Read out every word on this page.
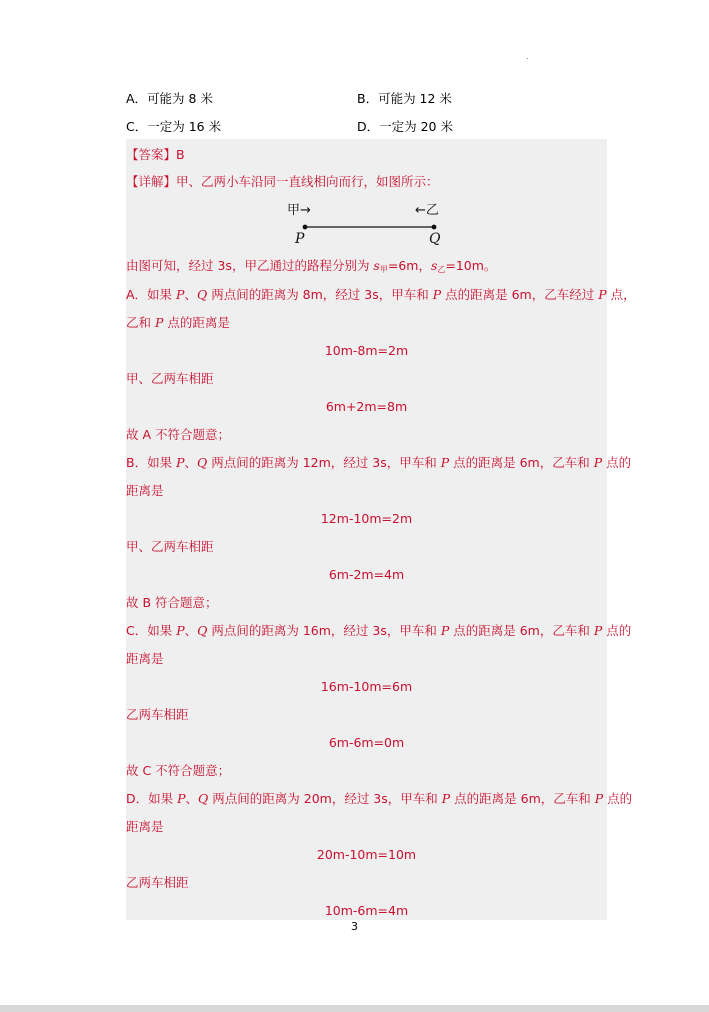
.
A．可能为 8 米	B．可能为 12 米
C．一定为 16 米	D．一定为 20 米
【答案】B
【详解】甲、乙两小车沿同一直线相向而行，如图所示：
甲→	←乙
P	Q
由图可知，经过 3s，甲乙通过的路程分别为 $s_甲=6m$，$s_乙=10m$。
A．如果 P、Q 两点间的距离为 8m，经过 3s，甲车和 P 点的距离是 6m，乙车经过 P 点，
乙和 P 点的距离是
10m-8m=2m
甲、乙两车相距
6m+2m=8m
故 A 不符合题意；
B．如果 P、Q 两点间的距离为 12m，经过 3s，甲车和 P 点的距离是 6m，乙车和 P 点的
距离是
12m-10m=2m
甲、乙两车相距
6m-2m=4m
故 B 符合题意；
C．如果 P、Q 两点间的距离为 16m，经过 3s，甲车和 P 点的距离是 6m，乙车和 P 点的
距离是
16m-10m=6m
乙两车相距
6m-6m=0m
故 C 不符合题意；
D．如果 P、Q 两点间的距离为 20m，经过 3s，甲车和 P 点的距离是 6m，乙车和 P 点的
距离是
20m-10m=10m
乙两车相距
10m-6m=4m
3
